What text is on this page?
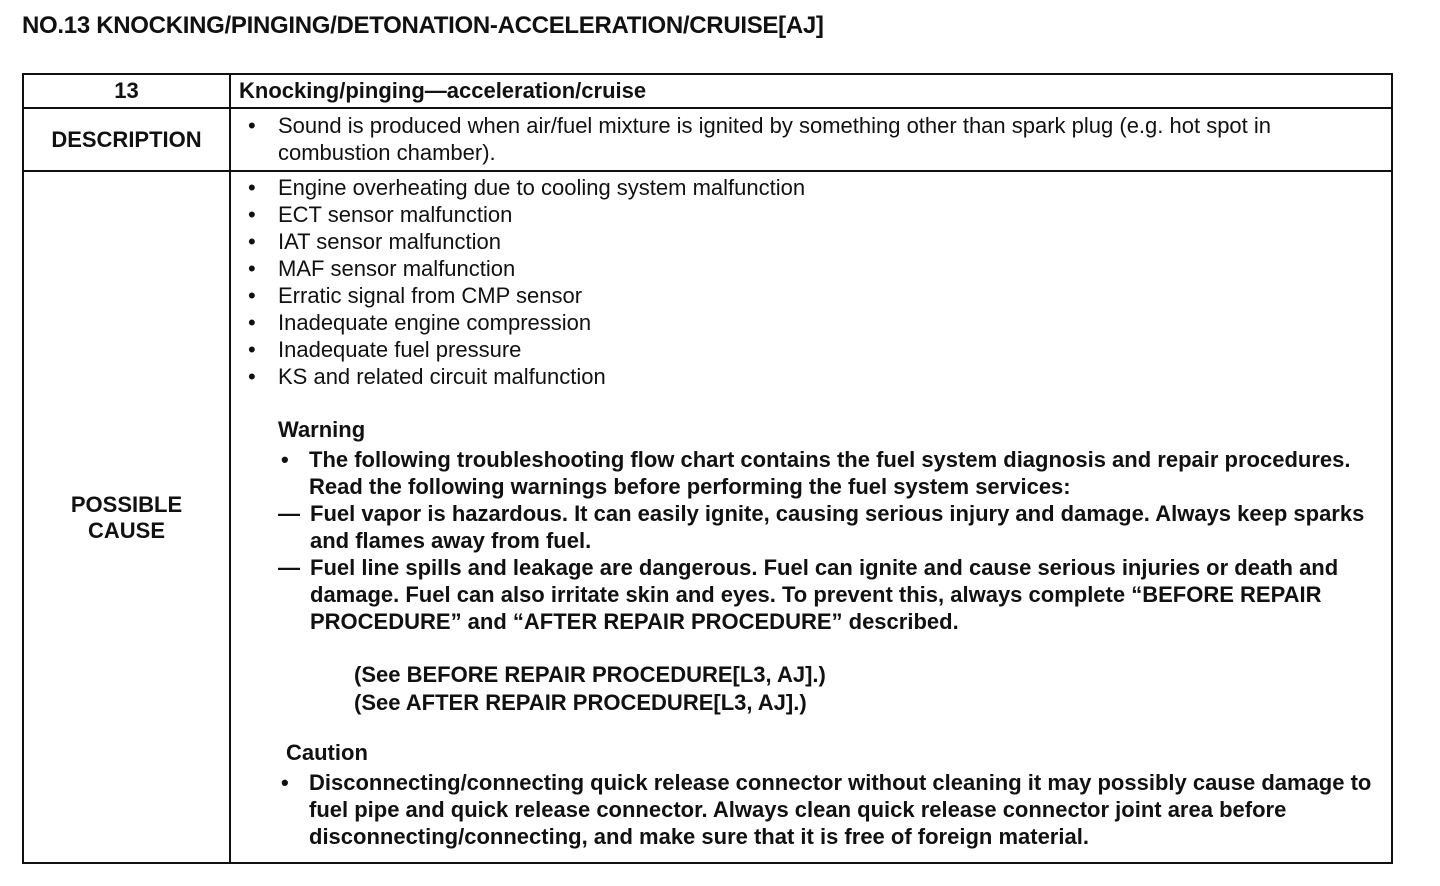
NO.13 KNOCKING/PINGING/DETONATION-ACCELERATION/CRUISE[AJ]
13	Knocking/pinging—acceleration/cruise
DESCRIPTION
• Sound is produced when air/fuel mixture is ignited by something other than spark plug (e.g. hot spot in combustion chamber).
POSSIBLE
CAUSE
• Engine overheating due to cooling system malfunction
• ECT sensor malfunction
• IAT sensor malfunction
• MAF sensor malfunction
• Erratic signal from CMP sensor
• Inadequate engine compression
• Inadequate fuel pressure
• KS and related circuit malfunction
Warning
• The following troubleshooting flow chart contains the fuel system diagnosis and repair procedures. Read the following warnings before performing the fuel system services:
— Fuel vapor is hazardous. It can easily ignite, causing serious injury and damage. Always keep sparks and flames away from fuel.
— Fuel line spills and leakage are dangerous. Fuel can ignite and cause serious injuries or death and damage. Fuel can also irritate skin and eyes. To prevent this, always complete “BEFORE REPAIR PROCEDURE” and “AFTER REPAIR PROCEDURE” described.
(See BEFORE REPAIR PROCEDURE[L3, AJ].)
(See AFTER REPAIR PROCEDURE[L3, AJ].)
Caution
• Disconnecting/connecting quick release connector without cleaning it may possibly cause damage to fuel pipe and quick release connector. Always clean quick release connector joint area before disconnecting/connecting, and make sure that it is free of foreign material.
